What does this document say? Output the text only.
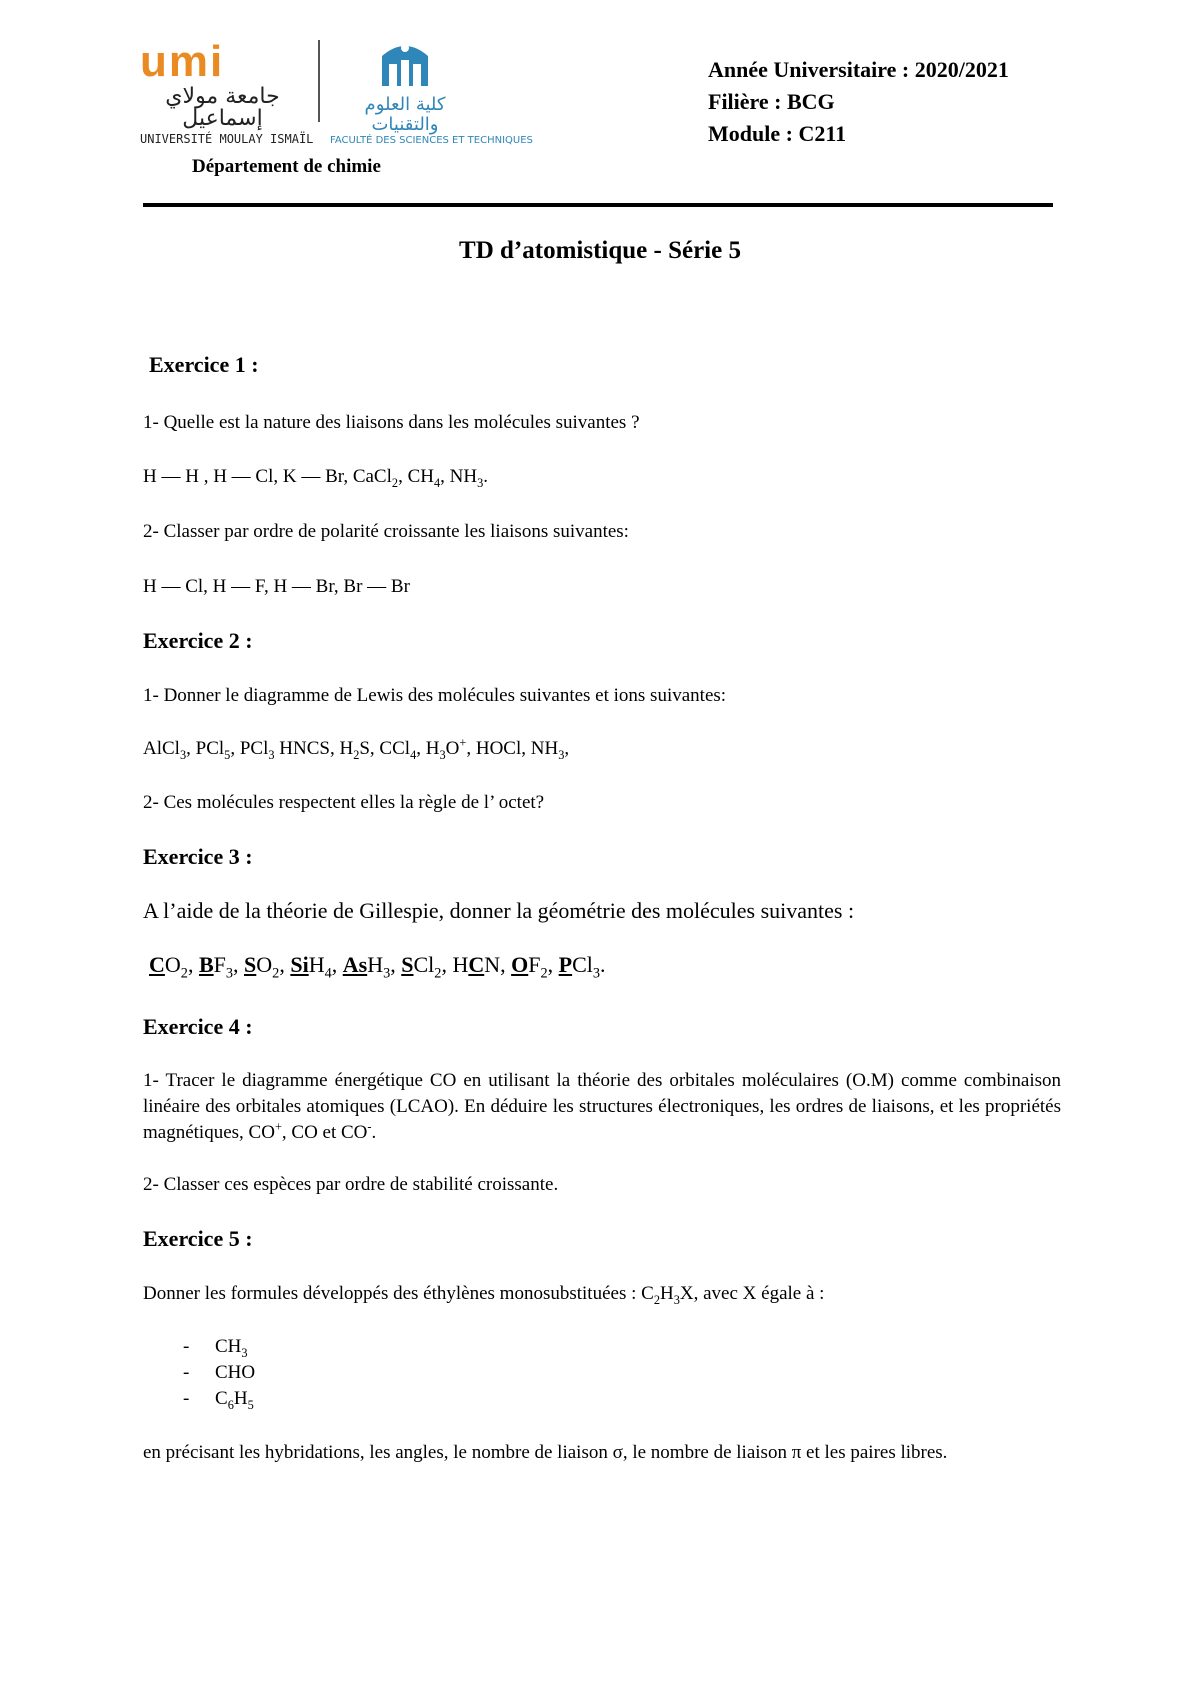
umi
جامعة مولاي إسماعيل
UNIVERSITÉ MOULAY ISMAÏL
كلية العلوم والتقنيات
FACULTÉ DES SCIENCES ET TECHNIQUES
Département de chimie
Année Universitaire : 2020/2021
Filière : BCG
Module : C211
TD d’atomistique - Série 5
Exercice 1 :
1- Quelle est la nature des liaisons dans les molécules suivantes ?
H — H , H — Cl, K — Br, CaCl$_2$, $CH_4$, $NH_3$.
2- Classer par ordre de polarité croissante les liaisons suivantes:
H — Cl, H — F, H — Br, Br — Br
Exercice 2 :
1- Donner le diagramme de Lewis des molécules suivantes et ions suivantes:
AlCl$_3$, PCl$_5$, PCl$_3$ HNCS, $H_2S$, CCl$_4$, $H_3O^+$, HOCl, $NH_3$,
2- Ces molécules respectent elles la règle de l’ octet?
Exercice 3 :
A l’aide de la théorie de Gillespie, donner la géométrie des molécules suivantes :
$CO_2$, $BF_3$, $SO_2$, SiH$_4$, AsH$_3$, SCl$_2$, HCN, $OF_2$, PCl$_3$.
Exercice 4 :
1- Tracer le diagramme énergétique CO en utilisant la théorie des orbitales moléculaires (O.M) comme combinaison linéaire des orbitales atomiques (LCAO). En déduire les structures électroniques, les ordres de liaisons, et les propriétés magnétiques, CO+, CO et CO-.
2- Classer ces espèces par ordre de stabilité croissante.
Exercice 5 :
Donner les formules développés des éthylènes monosubstituées : $C_2H_3X$, avec X égale à :
- $CH_3$
- CHO
- $C_6H_5$
en précisant les hybridations, les angles, le nombre de liaison σ, le nombre de liaison π et les paires libres.
